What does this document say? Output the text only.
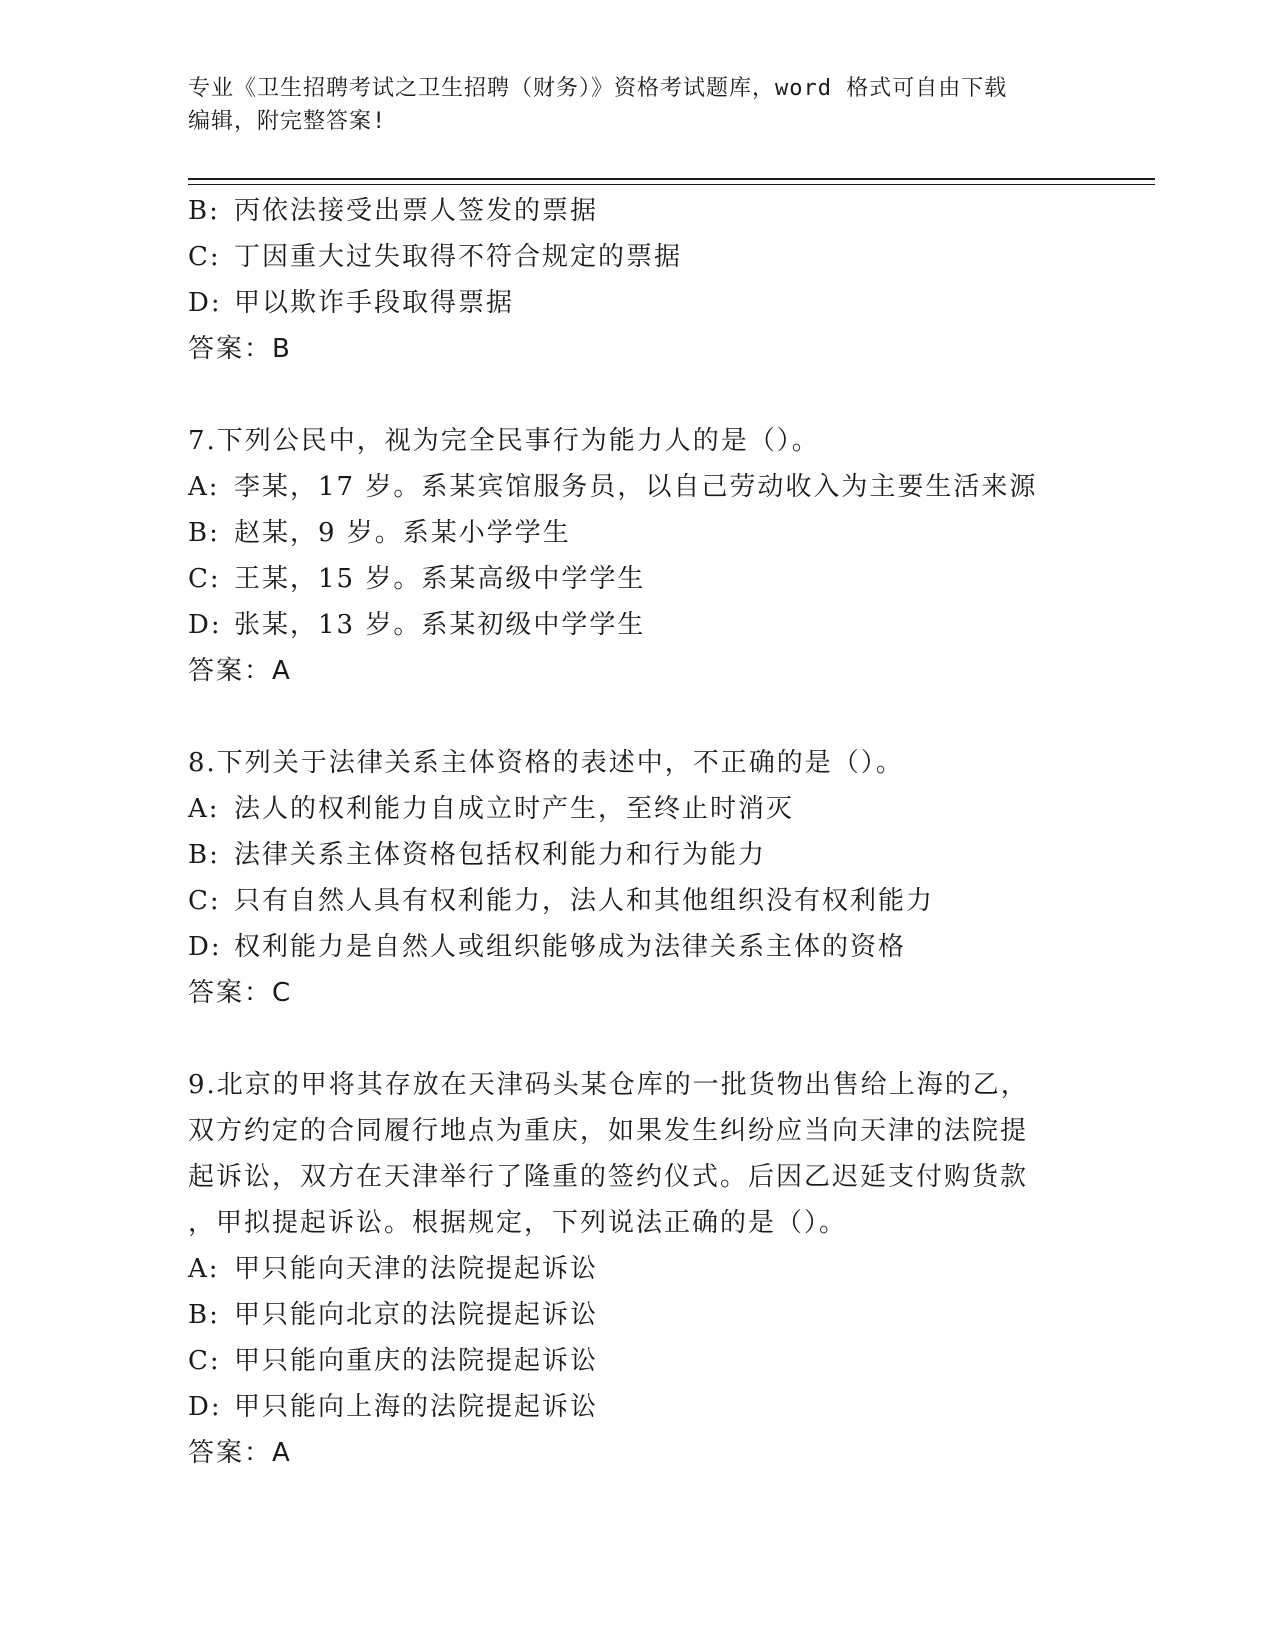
专业《卫生招聘考试之卫生招聘（财务）》资格考试题库，word 格式可自由下载
编辑，附完整答案!
B: 丙依法接受出票人签发的票据
C: 丁因重大过失取得不符合规定的票据
D: 甲以欺诈手段取得票据
答案：B
7.下列公民中，视为完全民事行为能力人的是（）。
A: 李某，17 岁。系某宾馆服务员，以自己劳动收入为主要生活来源
B: 赵某，9 岁。系某小学学生
C: 王某，15 岁。系某高级中学学生
D: 张某，13 岁。系某初级中学学生
答案：A
8.下列关于法律关系主体资格的表述中，不正确的是（）。
A: 法人的权利能力自成立时产生，至终止时消灭
B: 法律关系主体资格包括权利能力和行为能力
C: 只有自然人具有权利能力，法人和其他组织没有权利能力
D: 权利能力是自然人或组织能够成为法律关系主体的资格
答案：C
9.北京的甲将其存放在天津码头某仓库的一批货物出售给上海的乙，
双方约定的合同履行地点为重庆，如果发生纠纷应当向天津的法院提
起诉讼，双方在天津举行了隆重的签约仪式。后因乙迟延支付购货款
，甲拟提起诉讼。根据规定，下列说法正确的是（）。
A: 甲只能向天津的法院提起诉讼
B: 甲只能向北京的法院提起诉讼
C: 甲只能向重庆的法院提起诉讼
D: 甲只能向上海的法院提起诉讼
答案：A
